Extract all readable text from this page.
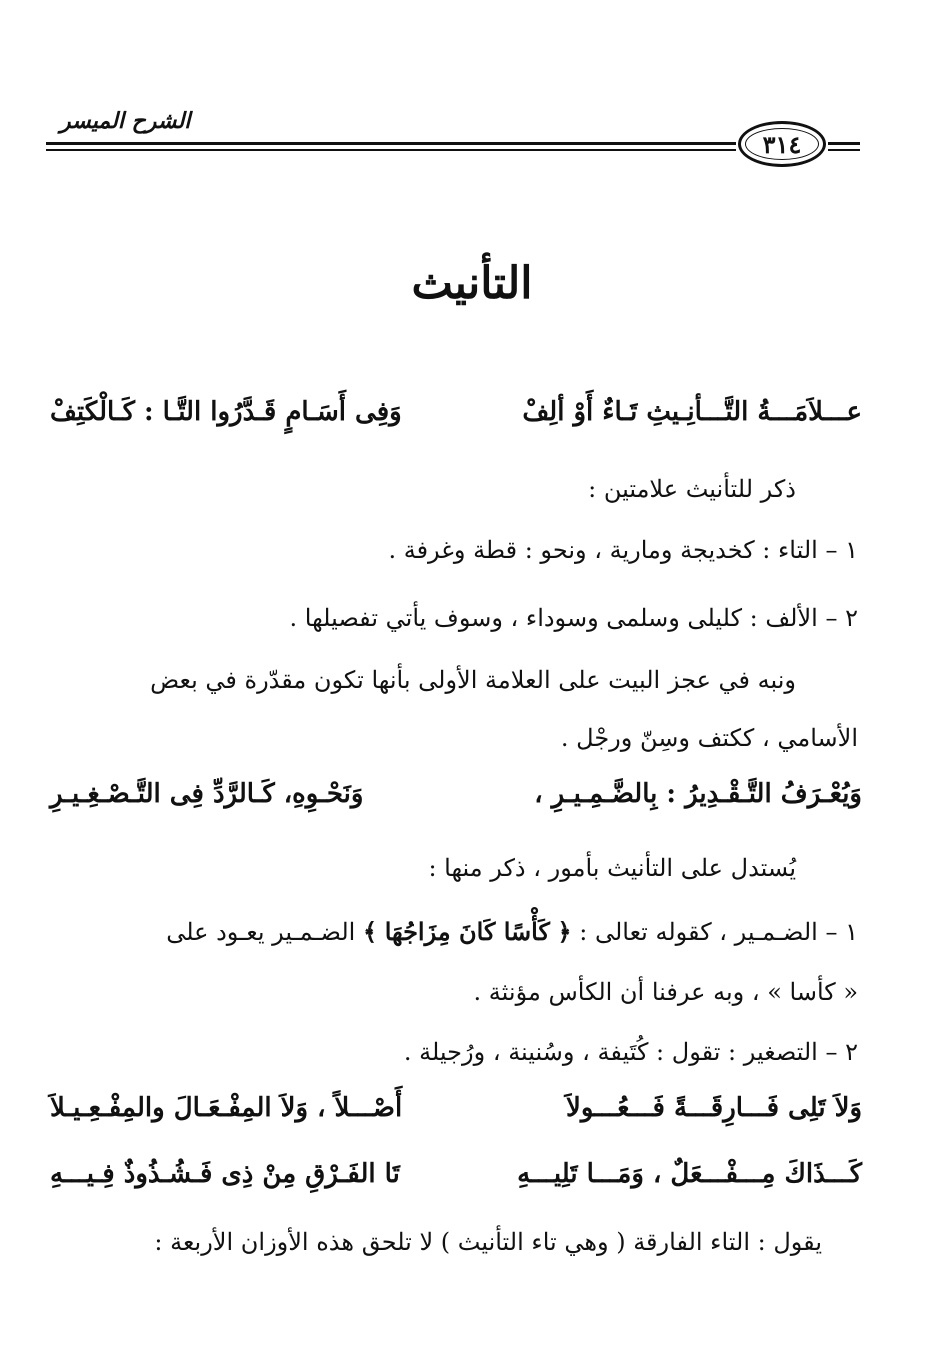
الشرح الميسر
٣١٤
التأنيث
عـــلاَمَـــةُ التَّـــأنِـيثِ تَـاءٌ أَوْ ألِفْ
وَفِى أَسَـامٍ قَـدَّرُوا التَّـا : كَـالْكَتِفْ
ذكر للتأنيث علامتين :
١ – التاء : كخديجة ومارية ، ونحو : قطة وغرفة .
٢ – الألف : كليلى وسلمى وسوداء ، وسوف يأتي تفصيلها .
ونبه في عجز البيت على العلامة الأولى بأنها تكون مقدّرة في بعض
الأسامي ، ككتف وسِنّ ورجْل .
وَيُعْـرَفُ التَّـقْـدِيرُ : بِالضَّـمِـيـرِ ،
وَنَحْـوِهِ، كَـالرَّدِّ فِى التَّـصْـغِـيـرِ
يُستدل على التأنيث بأمور ، ذكر منها :
١ – الضـمـير ، كقوله تعالى : ﴿ كَأْسًا كَانَ مِزَاجُهَا ﴾ الضـمـير يعـود على
« كأسا » ، وبه عرفنا أن الكأس مؤنثة .
٢ – التصغير : تقول : كُتَيفة ، وسُنينة ، ورُجيلة .
وَلاَ تَلِى فَـــارِقَـــةً فَـــعُـــولاَ
أَصْـــلاً ، وَلاَ المِفْـعَـالَ والمِفْـعِـيـلاَ
كَـــذَاكَ مِـــفْـــعَلٌ ، وَمَـــا تَلِيـــهِ
تَا الفَـرْقِ مِنْ ذِى فَـشُـذُوذٌ فِـيـــهِ
يقول : التاء الفارقة ( وهي تاء التأنيث ) لا تلحق هذه الأوزان الأربعة :
